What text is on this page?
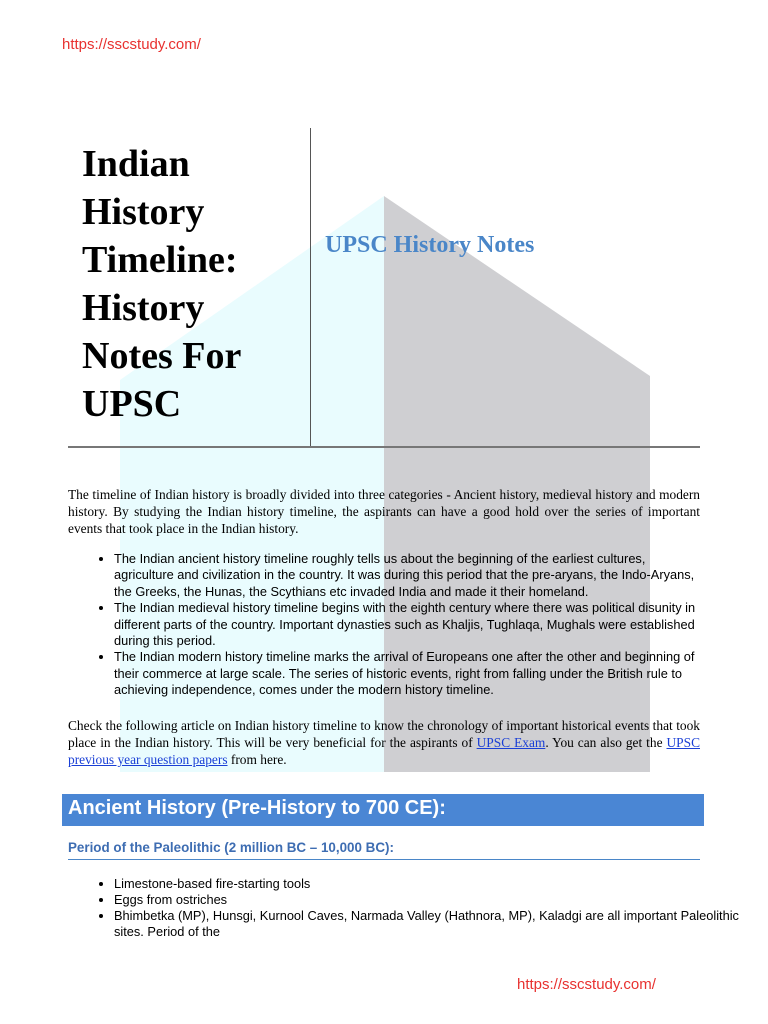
https://sscstudy.com/
Indian
History
Timeline:
History
Notes For
UPSC
UPSC History Notes

The timeline of Indian history is broadly divided into three categories - Ancient history, medieval history and modern history. By studying the Indian history timeline, the aspirants can have a good hold over the series of important events that took place in the Indian history.

• The Indian ancient history timeline roughly tells us about the beginning of the earliest cultures, agriculture and civilization in the country. It was during this period that the pre-aryans, the Indo-Aryans, the Greeks, the Hunas, the Scythians etc invaded India and made it their homeland.
• The Indian medieval history timeline begins with the eighth century where there was political disunity in different parts of the country. Important dynasties such as Khaljis, Tughlaqa, Mughals were established during this period.
• The Indian modern history timeline marks the arrival of Europeans one after the other and beginning of their commerce at large scale. The series of historic events, right from falling under the British rule to achieving independence, comes under the modern history timeline.

Check the following article on Indian history timeline to know the chronology of important historical events that took place in the Indian history. This will be very beneficial for the aspirants of UPSC Exam. You can also get the UPSC previous year question papers from here.

Ancient History (Pre-History to 700 CE):
Period of the Paleolithic (2 million BC – 10,000 BC):
• Limestone-based fire-starting tools
• Eggs from ostriches
• Bhimbetka (MP), Hunsgi, Kurnool Caves, Narmada Valley (Hathnora, MP), Kaladgi are all important Paleolithic sites. Period of the
https://sscstudy.com/
